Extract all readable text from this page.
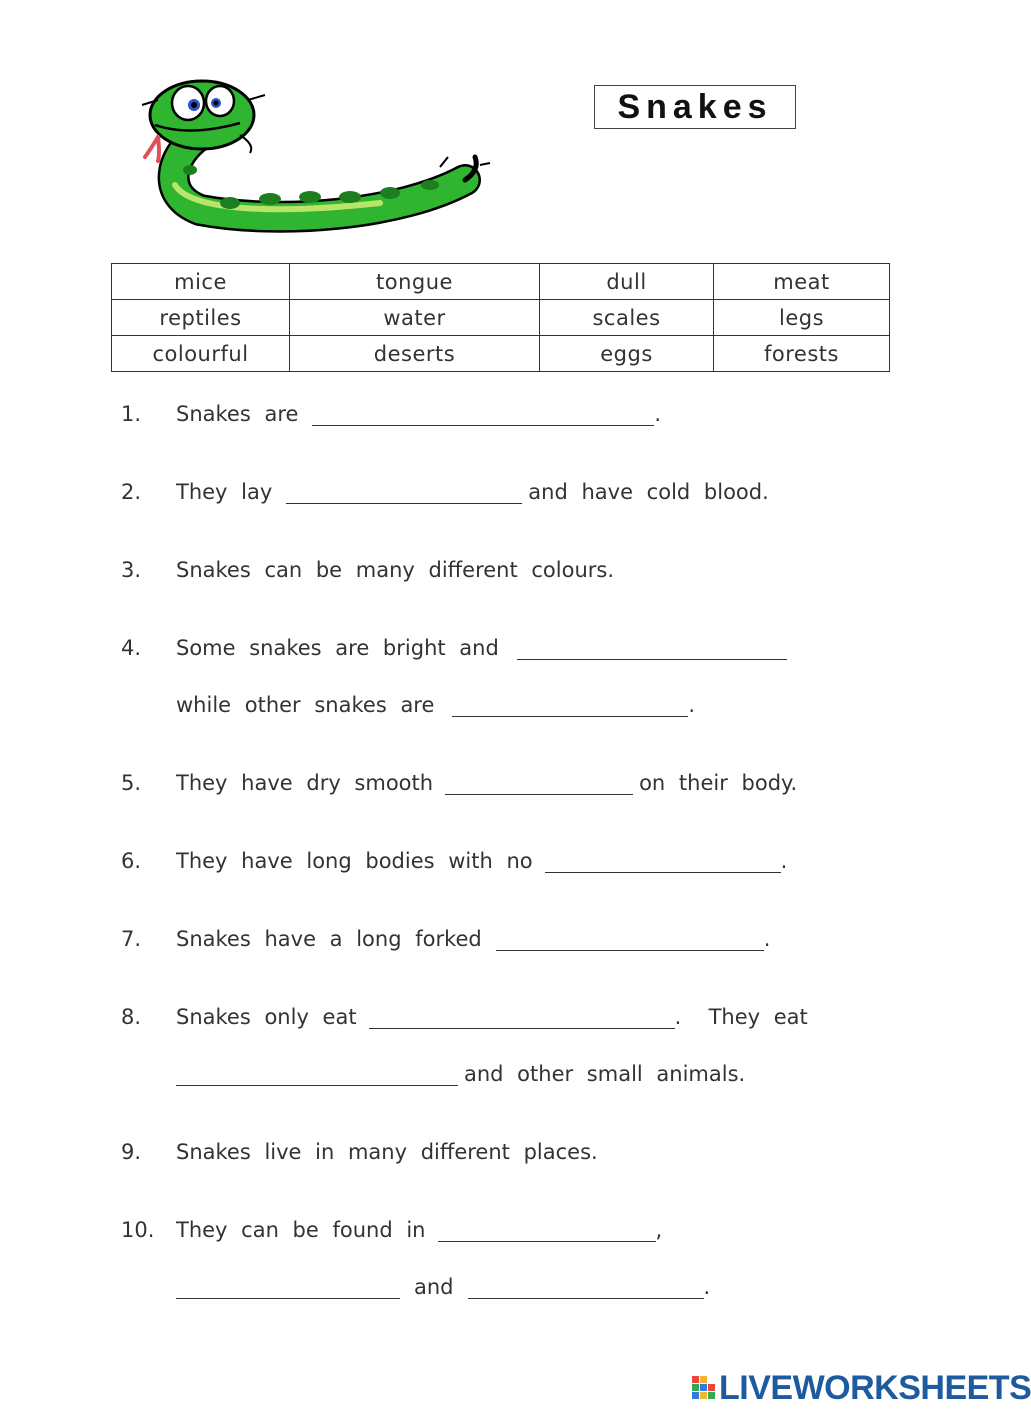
Snakes
mice	tongue	dull	meat
reptiles	water	scales	legs
colourful	deserts	eggs	forests
1.	Snakes are	.
2.	They lay	and have cold blood.
3.	Snakes can be many different colours.
4.	Some snakes are bright and
while other snakes are	.
5.	They have dry smooth	on their body.
6.	They have long bodies with no	.
7.	Snakes have a long forked	.
8.	Snakes only eat	.  They eat
and other small animals.
9.	Snakes live in many different places.
10.	They can be found in	,
and	.
LIVEWORKSHEETS
